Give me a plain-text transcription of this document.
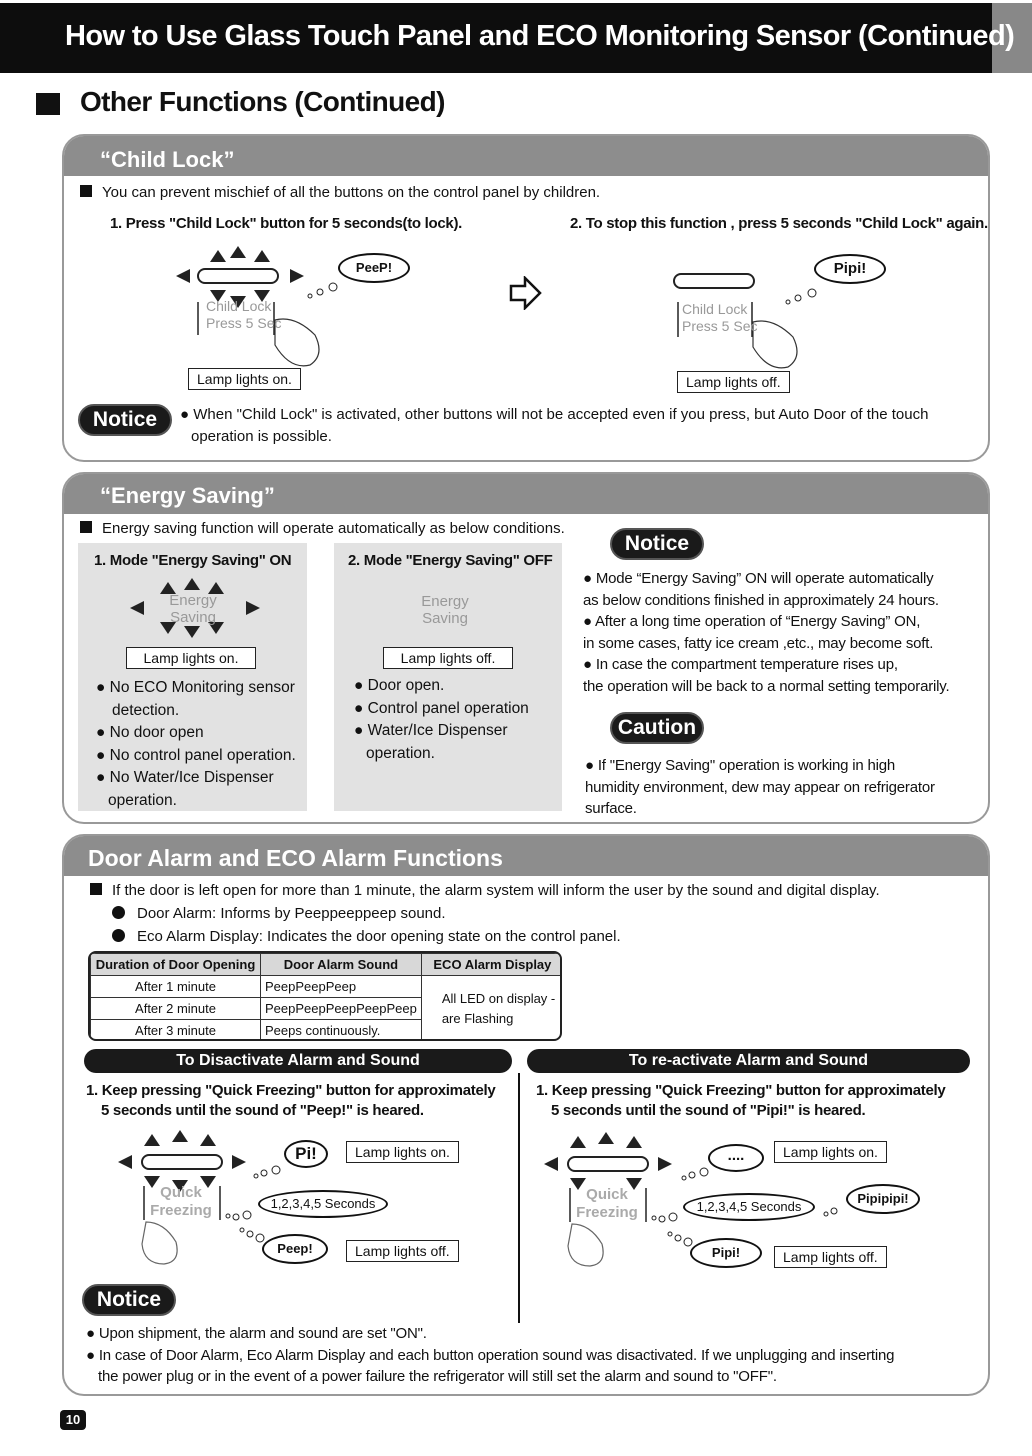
How to Use Glass Touch Panel and ECO Monitoring Sensor (Continued)
Other Functions (Continued)
“Child Lock”
You can prevent mischief of all the buttons on the control panel by children.
1. Press "Child Lock" button for 5 seconds(to lock).	2. To stop this function , press 5 seconds "Child Lock" again.
Child Lock
Press 5 Sec
PeeP!
Lamp lights on.
Child Lock
Press 5 Sec
Pipi!
Lamp lights off.
Notice	● When "Child Lock" is activated, other buttons will not be accepted even if you press, but Auto Door of the touch
operation is possible.
“Energy Saving”
Energy saving function will operate automatically as below conditions.
1. Mode "Energy Saving" ON	2. Mode "Energy Saving" OFF
Energy
Saving
Energy
Saving
Lamp lights on.	Lamp lights off.
● No ECO Monitoring sensor
detection.
● No door open
● No control panel operation.
● No Water/Ice Dispenser
operation.
● Door open.
● Control panel operation
● Water/Ice Dispenser
operation.
Notice
● Mode “Energy Saving” ON will operate automatically
as below conditions finished in approximately 24 hours.
● After a long time operation of “Energy Saving” ON,
in some cases, fatty ice cream ,etc., may become soft.
● In case the compartment temperature rises up,
the operation will be back to a normal setting temporarily.
Caution
● If "Energy Saving" operation is working in high
humidity environment, dew may appear on refrigerator
surface.
Door Alarm and ECO Alarm Functions
If the door is left open for more than 1 minute, the alarm system will inform the user by the sound and digital display.
Door Alarm: Informs by Peeppeeppeep sound.
Eco Alarm Display: Indicates the door opening state on the control panel.
Duration of Door Opening	Door Alarm Sound	ECO Alarm Display
After 1 minute	PeepPeepPeep	All LED on display -
are Flashing

After 2 minute	PeepPeepPeepPeepPeep	
After 3 minute	Peeps continuously.	
To Disactivate Alarm and Sound	To re-activate Alarm and Sound
1. Keep pressing "Quick Freezing" button for approximately
5 seconds until the sound of "Peep!" is heared.
1. Keep pressing "Quick Freezing" button for approximately
5 seconds until the sound of "Pipi!" is heared.
Quick
Freezing
Pi!	Lamp lights on.
1,2,3,4,5 Seconds
Peep!	Lamp lights off.
Quick
Freezing
....	Lamp lights on.
1,2,3,4,5 Seconds
Pipipipi!
Pipi!	Lamp lights off.
Notice
● Upon shipment, the alarm and sound are set "ON".
● In case of Door Alarm, Eco Alarm Display and each button operation sound was disactivated. If we unplugging and inserting
the power plug or in the event of a power failure the refrigerator will still set the alarm and sound to "OFF".
10
